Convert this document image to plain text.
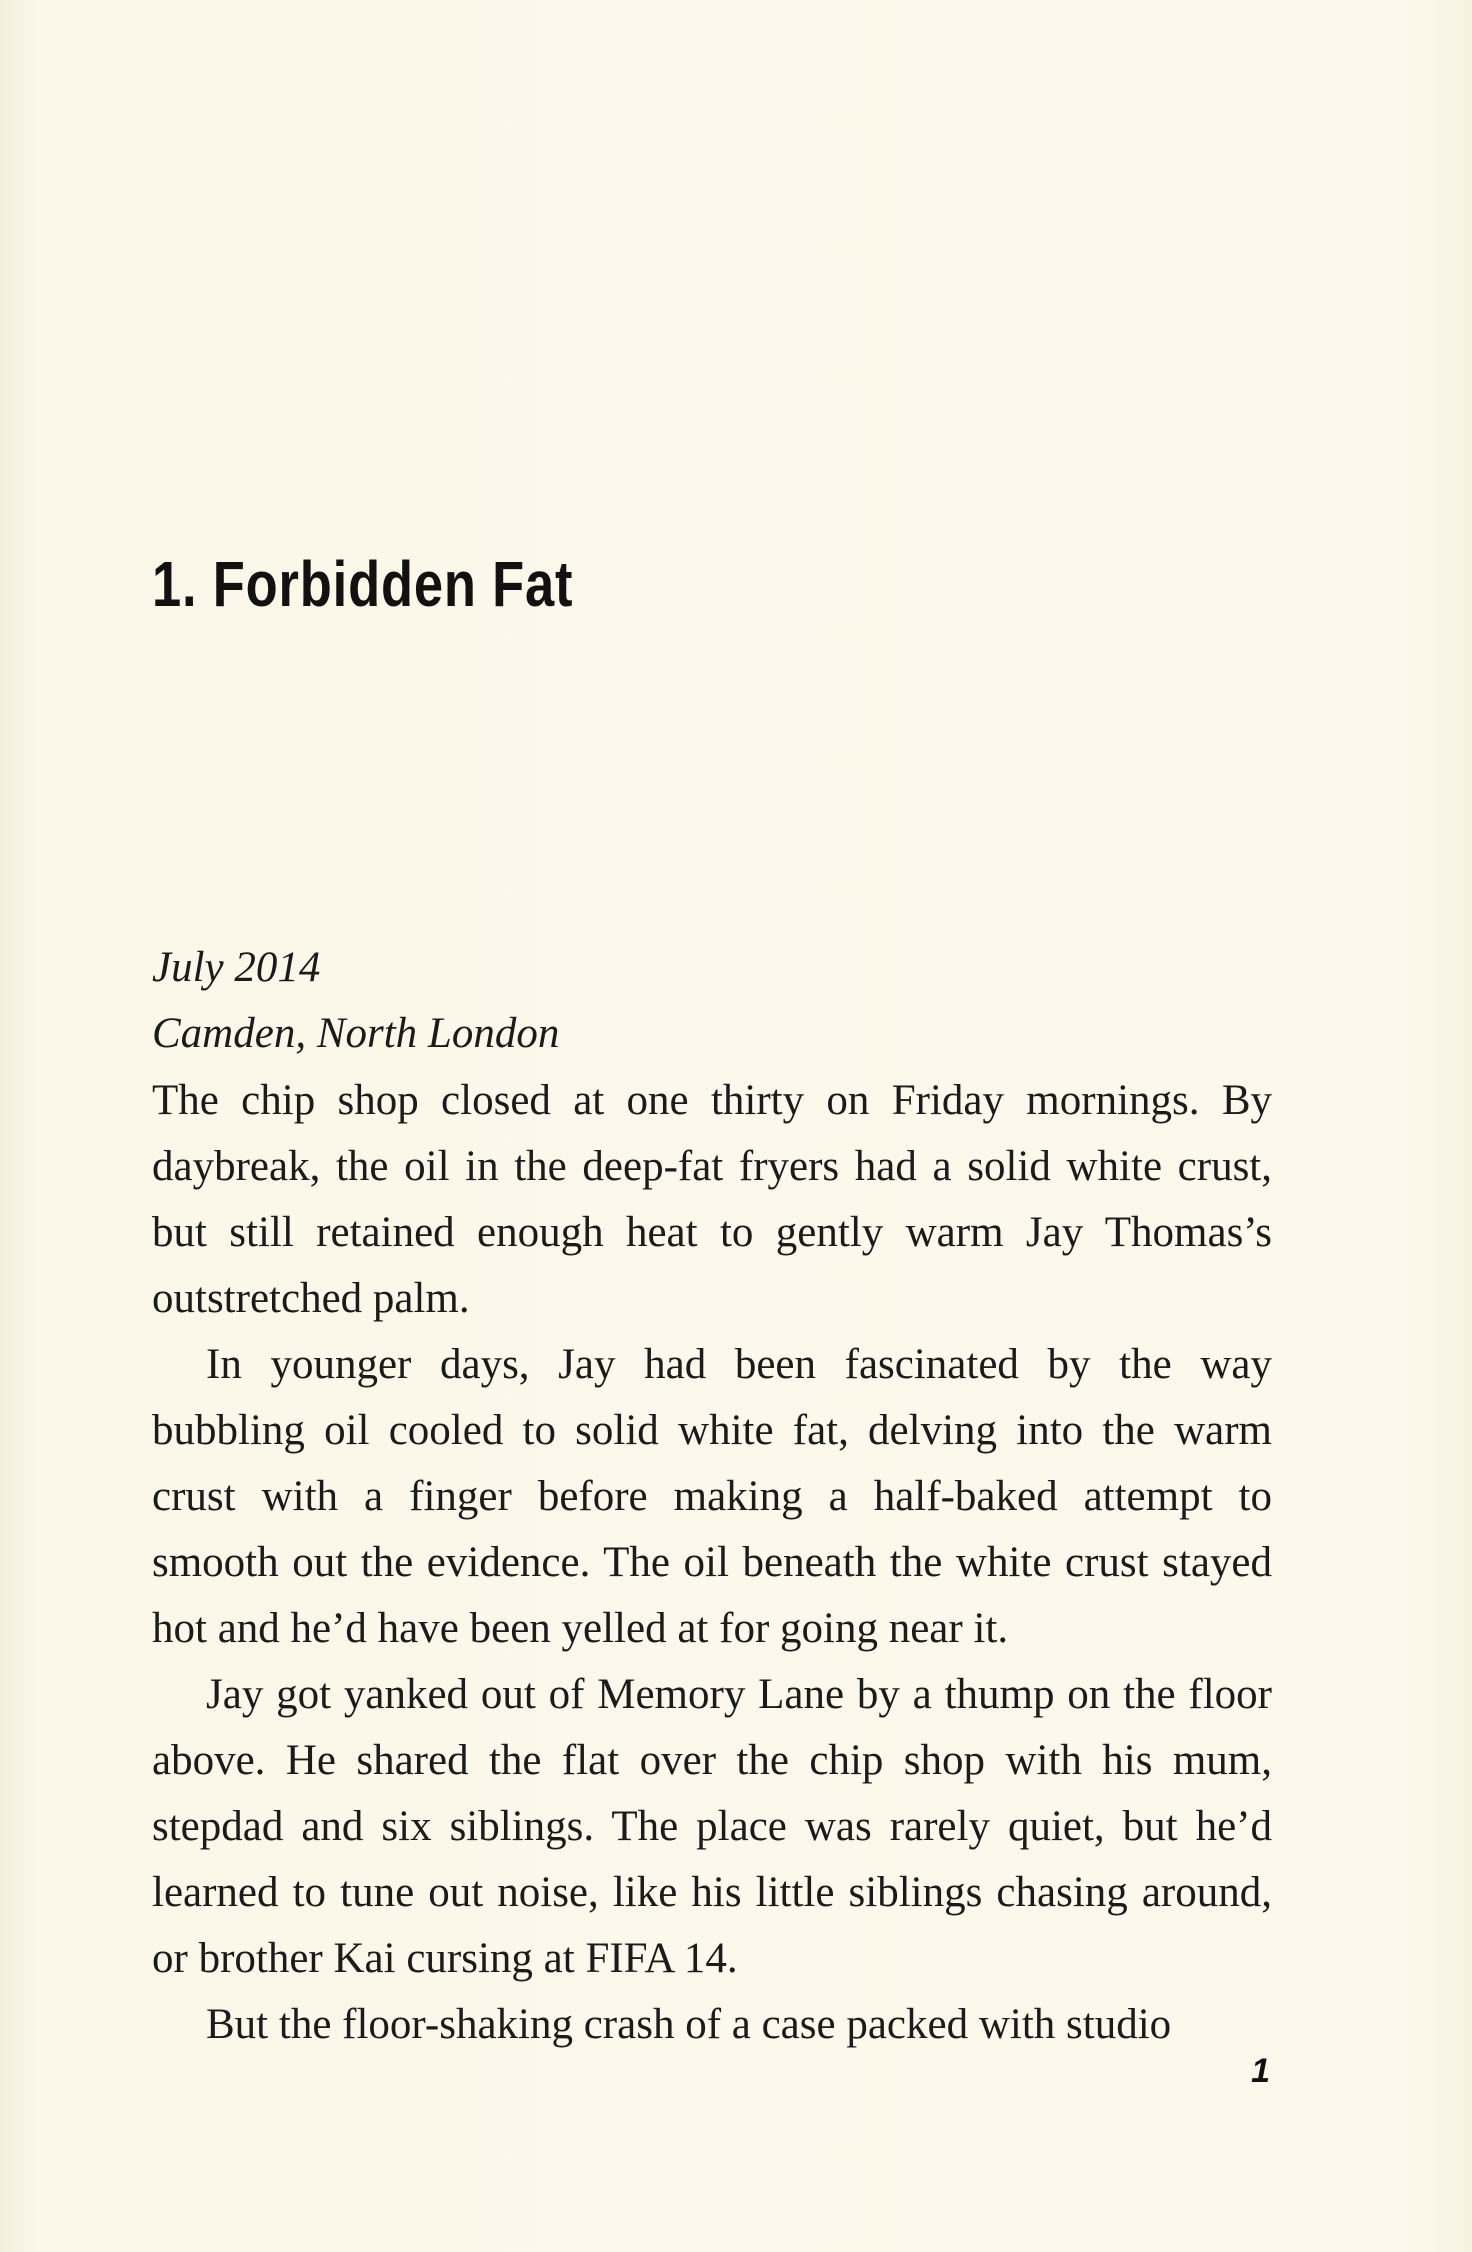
1. Forbidden Fat
July 2014
Camden, North London

The chip shop closed at one thirty on Friday mornings. By daybreak, the oil in the deep-fat fryers had a solid white crust, but still retained enough heat to gently warm Jay Thomas’s outstretched palm.

In younger days, Jay had been fascinated by the way bubbling oil cooled to solid white fat, delving into the warm crust with a finger before making a half-baked attempt to smooth out the evidence. The oil beneath the white crust stayed hot and he’d have been yelled at for going near it.

Jay got yanked out of Memory Lane by a thump on the floor above. He shared the flat over the chip shop with his mum, stepdad and six siblings. The place was rarely quiet, but he’d learned to tune out noise, like his little siblings chasing around, or brother Kai cursing at FIFA 14.

But the floor-shaking crash of a case packed with studio

1
